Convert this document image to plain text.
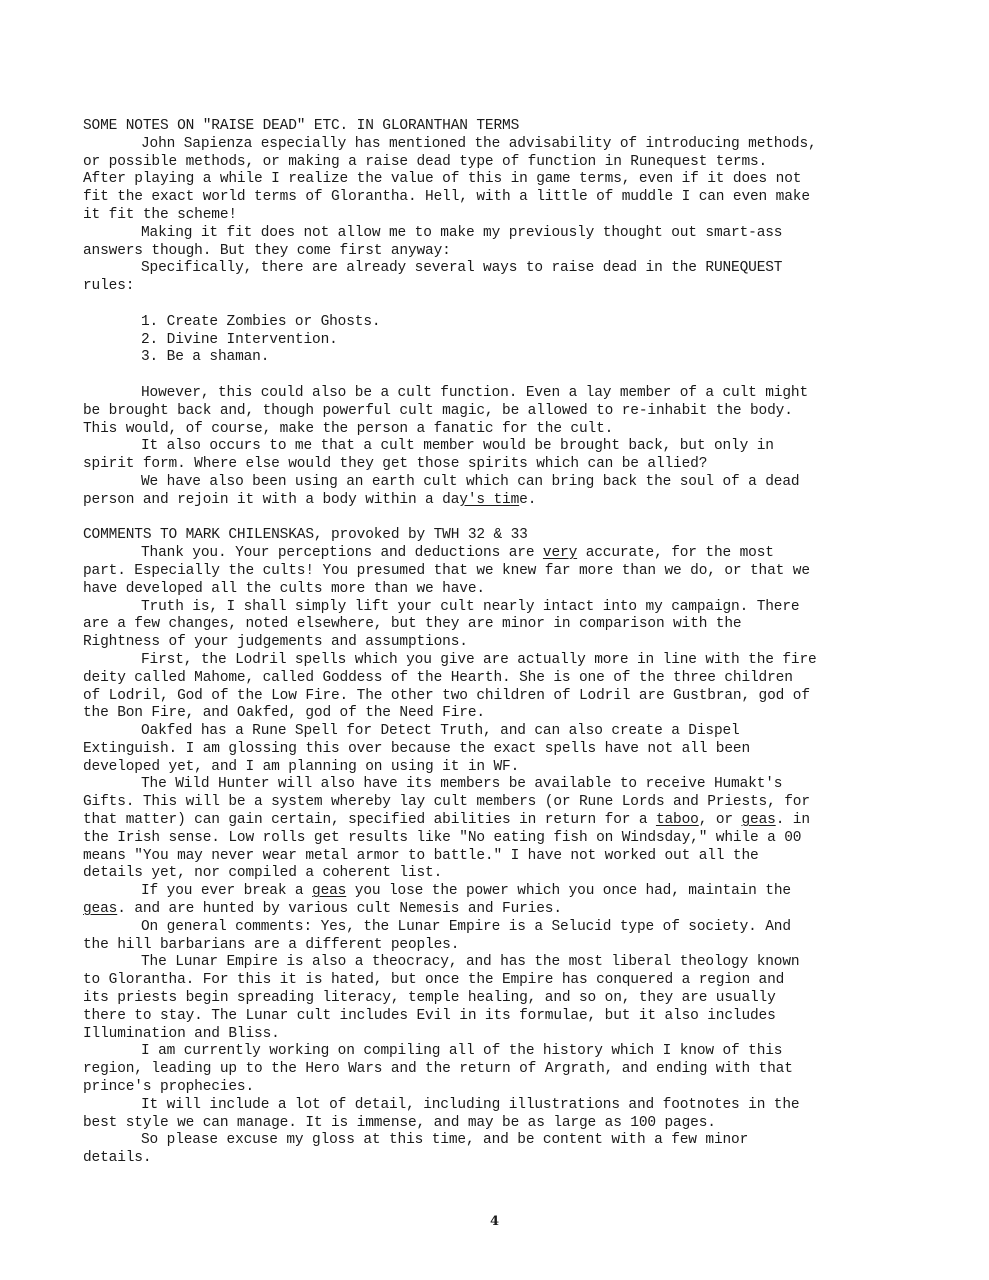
SOME NOTES ON "RAISE DEAD" ETC. IN GLORANTHAN TERMS
John Sapienza especially has mentioned the advisability of introducing methods,
or possible methods, or making a raise dead type of function in Runequest terms.
After playing a while I realize the value of this in game terms, even if it does not
fit the exact world terms of Glorantha. Hell, with a little of muddle I can even make
it fit the scheme!
Making it fit does not allow me to make my previously thought out smart-ass
answers though. But they come first anyway:
Specifically, there are already several ways to raise dead in the RUNEQUEST
rules:
1. Create Zombies or Ghosts.
2. Divine Intervention.
3. Be a shaman.
However, this could also be a cult function. Even a lay member of a cult might
be brought back and, though powerful cult magic, be allowed to re-inhabit the body.
This would, of course, make the person a fanatic for the cult.
It also occurs to me that a cult member would be brought back, but only in
spirit form. Where else would they get those spirits which can be allied?
We have also been using an earth cult which can bring back the soul of a dead
person and rejoin it with a body within a day's time.
COMMENTS TO MARK CHILENSKAS, provoked by TWH 32 & 33
Thank you. Your perceptions and deductions are very accurate, for the most
part. Especially the cults! You presumed that we knew far more than we do, or that we
have developed all the cults more than we have.
Truth is, I shall simply lift your cult nearly intact into my campaign. There
are a few changes, noted elsewhere, but they are minor in comparison with the
Rightness of your judgements and assumptions.
First, the Lodril spells which you give are actually more in line with the fire
deity called Mahome, called Goddess of the Hearth. She is one of the three children
of Lodril, God of the Low Fire. The other two children of Lodril are Gustbran, god of
the Bon Fire, and Oakfed, god of the Need Fire.
Oakfed has a Rune Spell for Detect Truth, and can also create a Dispel
Extinguish. I am glossing this over because the exact spells have not all been
developed yet, and I am planning on using it in WF.
The Wild Hunter will also have its members be available to receive Humakt's
Gifts. This will be a system whereby lay cult members (or Rune Lords and Priests, for
that matter) can gain certain, specified abilities in return for a taboo, or geas. in
the Irish sense. Low rolls get results like "No eating fish on Windsday," while a 00
means "You may never wear metal armor to battle." I have not worked out all the
details yet, nor compiled a coherent list.
If you ever break a geas you lose the power which you once had, maintain the
geas. and are hunted by various cult Nemesis and Furies.
On general comments: Yes, the Lunar Empire is a Selucid type of society. And
the hill barbarians are a different peoples.
The Lunar Empire is also a theocracy, and has the most liberal theology known
to Glorantha. For this it is hated, but once the Empire has conquered a region and
its priests begin spreading literacy, temple healing, and so on, they are usually
there to stay. The Lunar cult includes Evil in its formulae, but it also includes
Illumination and Bliss.
I am currently working on compiling all of the history which I know of this
region, leading up to the Hero Wars and the return of Argrath, and ending with that
prince's prophecies.
It will include a lot of detail, including illustrations and footnotes in the
best style we can manage. It is immense, and may be as large as 100 pages.
So please excuse my gloss at this time, and be content with a few minor
details.
4
